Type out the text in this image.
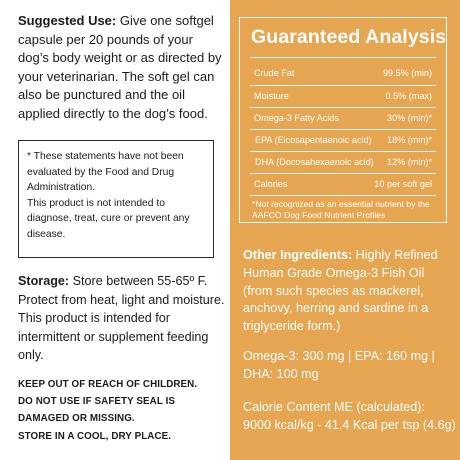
Suggested Use: Give one softgel capsule per 20 pounds of your dog’s body weight or as directed by your veterinarian. The soft gel can also be punctured and the oil applied directly to the dog’s food.

* These statements have not been evaluated by the Food and Drug Administration.

This product is not intended to diagnose, treat, cure or prevent any disease.

Storage: Store between 55-65º F. Protect from heat, light and moisture. This product is intended for intermittent or supplement feeding only.

KEEP OUT OF REACH OF CHILDREN.
DO NOT USE IF SAFETY SEAL IS
DAMAGED OR MISSING.
STORE IN A COOL, DRY PLACE.
Guaranteed Analysis
Crude Fat	99.5% (min)
Moisture	0.5% (max)
Omega-3 Fatty Acids	30% (min)*
EPA (Eicosapentaenoic acid) 18% (min)*
DHA (Docosahexaenoic acid) 12% (min)*
Calories	10 per soft gel
*Not recognized as an essential nutrient by the AAFCO Dog Food Nutrient Profiles

Other Ingredients: Highly Refined Human Grade Omega-3 Fish Oil (from such species as mackerel, anchovy, herring and sardine in a triglyceride form.)

Omega-3: 300 mg | EPA: 160 mg | DHA: 100 mg
Calorie Content ME (calculated):
9000 kcal/kg - 41.4 Kcal per tsp (4.6g)
